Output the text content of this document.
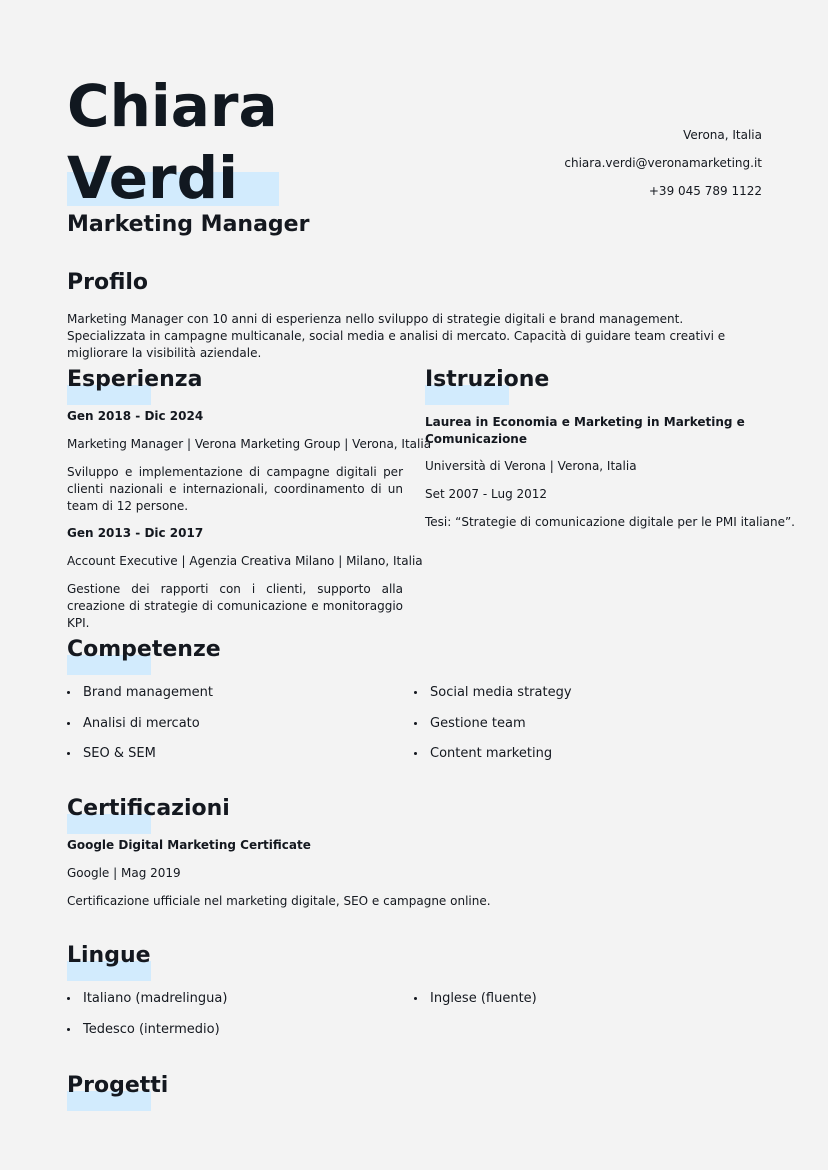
Chiara
Verdi
Marketing Manager
Verona, Italia
chiara.verdi@veronamarketing.it
+39 045 789 1122
Profilo
Marketing Manager con 10 anni di esperienza nello sviluppo di strategie digitali e brand management. Specializzata in campagne multicanale, social media e analisi di mercato. Capacità di guidare team creativi e migliorare la visibilità aziendale.
Esperienza
Gen 2018 - Dic 2024
Marketing Manager | Verona Marketing Group | Verona, Italia
Sviluppo e implementazione di campagne digitali per clienti nazionali e internazionali, coordinamento di un team di 12 persone.
Gen 2013 - Dic 2017
Account Executive | Agenzia Creativa Milano | Milano, Italia
Gestione dei rapporti con i clienti, supporto alla creazione di strategie di comunicazione e monitoraggio KPI.
Istruzione
Laurea in Economia e Marketing in Marketing e Comunicazione
Università di Verona | Verona, Italia
Set 2007 - Lug 2012
Tesi: “Strategie di comunicazione digitale per le PMI italiane”.
Competenze
Brand management
Analisi di mercato
SEO & SEM
Social media strategy
Gestione team
Content marketing
Certificazioni
Google Digital Marketing Certificate
Google | Mag 2019
Certificazione ufficiale nel marketing digitale, SEO e campagne online.
Lingue
Italiano (madrelingua)
Tedesco (intermedio)
Inglese (fluente)
Progetti
